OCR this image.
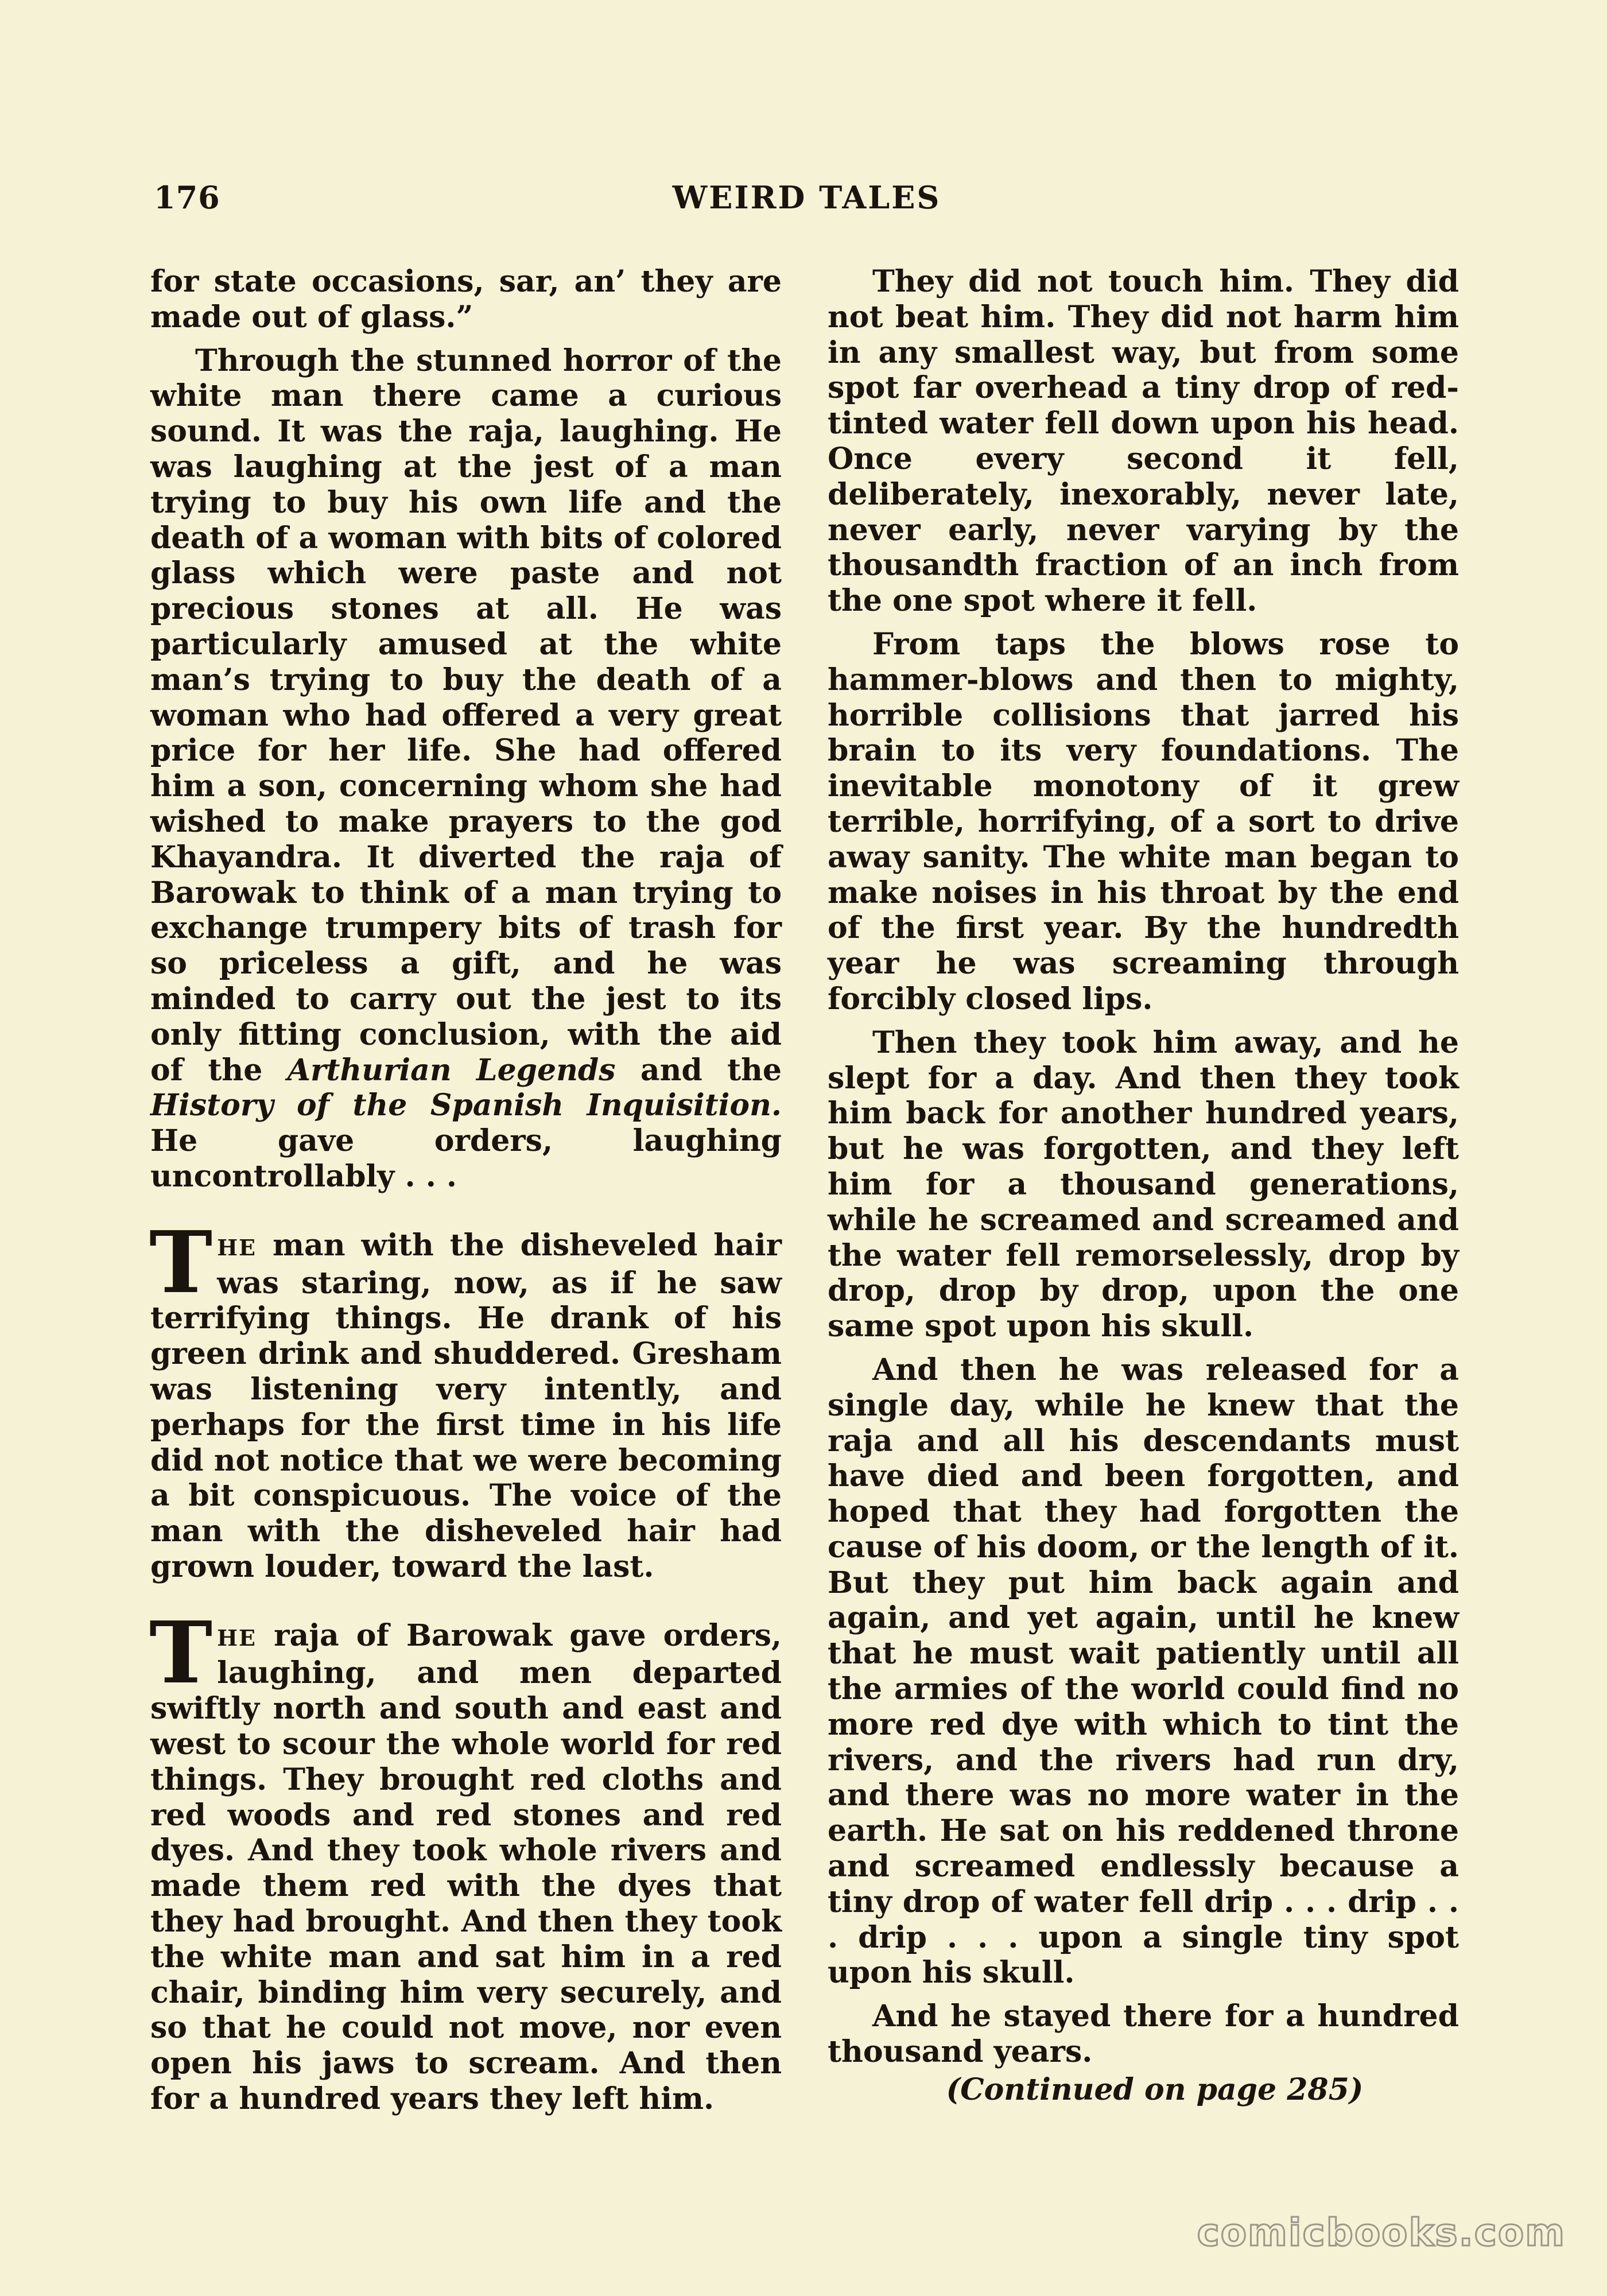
176	WEIRD TALES

for state occasions, sar, an’ they are made out of glass.”

Through the stunned horror of the white man there came a curious sound. It was the raja, laughing. He was laughing at the jest of a man trying to buy his own life and the death of a woman with bits of colored glass which were paste and not precious stones at all. He was particularly amused at the white man’s trying to buy the death of a woman who had offered a very great price for her life. She had offered him a son, concerning whom she had wished to make prayers to the god Khayandra. It diverted the raja of Barowak to think of a man trying to exchange trumpery bits of trash for so priceless a gift, and he was minded to carry out the jest to its only fitting conclusion, with the aid of the Arthurian Legends and the History of the Spanish Inquisition. He gave orders, laughing uncontrollably . . .

THE man with the disheveled hair was staring, now, as if he saw terrifying things. He drank of his green drink and shuddered. Gresham was listening very intently, and perhaps for the first time in his life did not notice that we were becoming a bit conspicuous. The voice of the man with the disheveled hair had grown louder, toward the last.

THE raja of Barowak gave orders, laughing, and men departed swiftly north and south and east and west to scour the whole world for red things. They brought red cloths and red woods and red stones and red dyes. And they took whole rivers and made them red with the dyes that they had brought. And then they took the white man and sat him in a red chair, binding him very securely, and so that he could not move, nor even open his jaws to scream. And then for a hundred years they left him.

They did not touch him. They did not beat him. They did not harm him in any smallest way, but from some spot far overhead a tiny drop of red-tinted water fell down upon his head. Once every second it fell, deliberately, inexorably, never late, never early, never varying by the thousandth fraction of an inch from the one spot where it fell.

From taps the blows rose to hammer-blows and then to mighty, horrible collisions that jarred his brain to its very foundations. The inevitable monotony of it grew terrible, horrifying, of a sort to drive away sanity. The white man began to make noises in his throat by the end of the first year. By the hundredth year he was screaming through forcibly closed lips.

Then they took him away, and he slept for a day. And then they took him back for another hundred years, but he was forgotten, and they left him for a thousand generations, while he screamed and screamed and the water fell remorselessly, drop by drop, drop by drop, upon the one same spot upon his skull.

And then he was released for a single day, while he knew that the raja and all his descendants must have died and been forgotten, and hoped that they had forgotten the cause of his doom, or the length of it. But they put him back again and again, and yet again, until he knew that he must wait patiently until all the armies of the world could find no more red dye with which to tint the rivers, and the rivers had run dry, and there was no more water in the earth. He sat on his reddened throne and screamed endlessly because a tiny drop of water fell drip . . . drip . . . drip . . . upon a single tiny spot upon his skull.

And he stayed there for a hundred thousand years.

(Continued on page 285)
comicbooks.com
